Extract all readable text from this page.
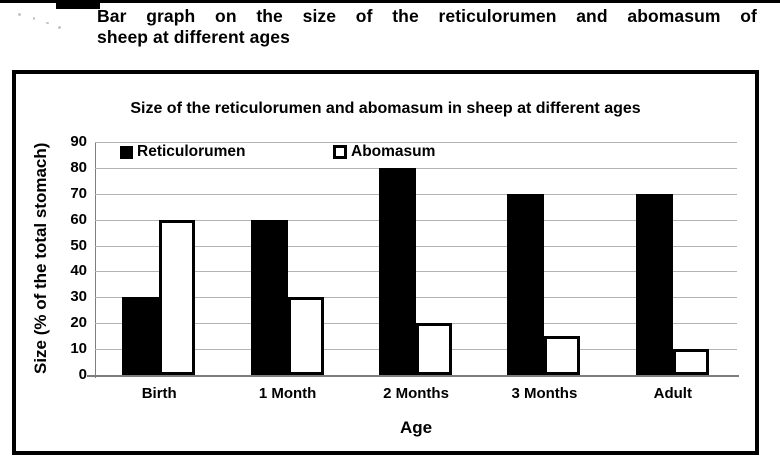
Bar graph on the size of the reticulorumen and abomasum of
sheep at different ages
Size of the reticulorumen and abomasum in sheep at different ages
Size (% of the total stomach)	Reticulorumen	Abomasum
0
10
20
30
40
50
60
70
80
90
Birth	1 Month	2 Months	3 Months	Adult
Age
